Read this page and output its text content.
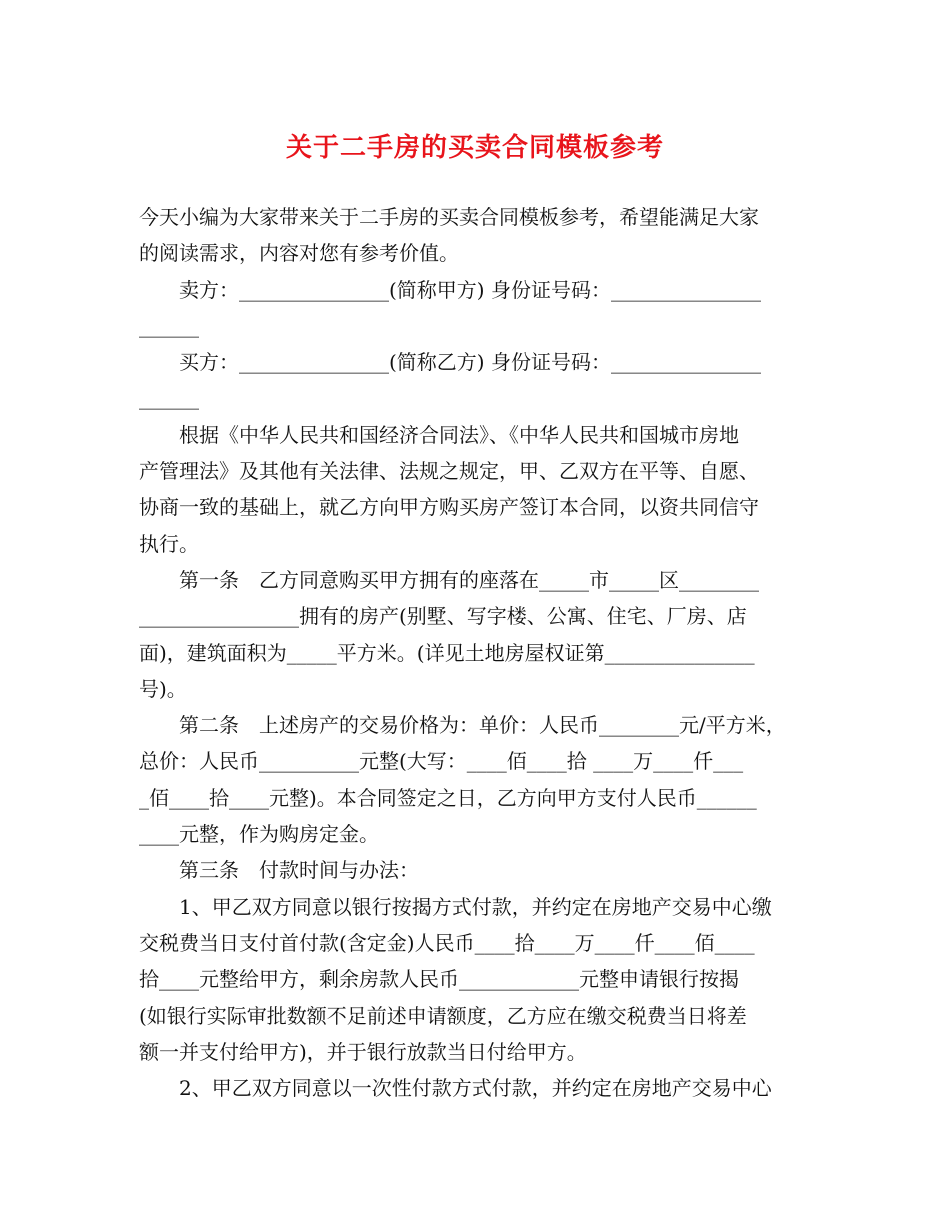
关于二手房的买卖合同模板参考
今天小编为大家带来关于二手房的买卖合同模板参考，希望能满足大家
的阅读需求，内容对您有参考价值。
　　卖方：_______________(简称甲方) 身份证号码：_______________
______
　　买方：_______________(简称乙方) 身份证号码：_______________
______
　　根据《中华人民共和国经济合同法》、《中华人民共和国城市房地
产管理法》及其他有关法律、法规之规定，甲、乙双方在平等、自愿、
协商一致的基础上，就乙方向甲方购买房产签订本合同，以资共同信守
执行。
　　第一条　乙方同意购买甲方拥有的座落在_____市_____区________
________________拥有的房产(别墅、写字楼、公寓、住宅、厂房、店
面)，建筑面积为_____平方米。(详见土地房屋权证第_______________
号)。
　　第二条　上述房产的交易价格为：单价：人民币________元/平方米，
总价：人民币__________元整(大写：____佰____拾 ____万____仟___
_佰____拾____元整)。本合同签定之日，乙方向甲方支付人民币______
____元整，作为购房定金。
　　第三条　付款时间与办法：
　　1、甲乙双方同意以银行按揭方式付款，并约定在房地产交易中心缴
交税费当日支付首付款(含定金)人民币____拾____万____仟____佰____
拾____元整给甲方，剩余房款人民币____________元整申请银行按揭
(如银行实际审批数额不足前述申请额度，乙方应在缴交税费当日将差
额一并支付给甲方)，并于银行放款当日付给甲方。
　　2、甲乙双方同意以一次性付款方式付款，并约定在房地产交易中心
